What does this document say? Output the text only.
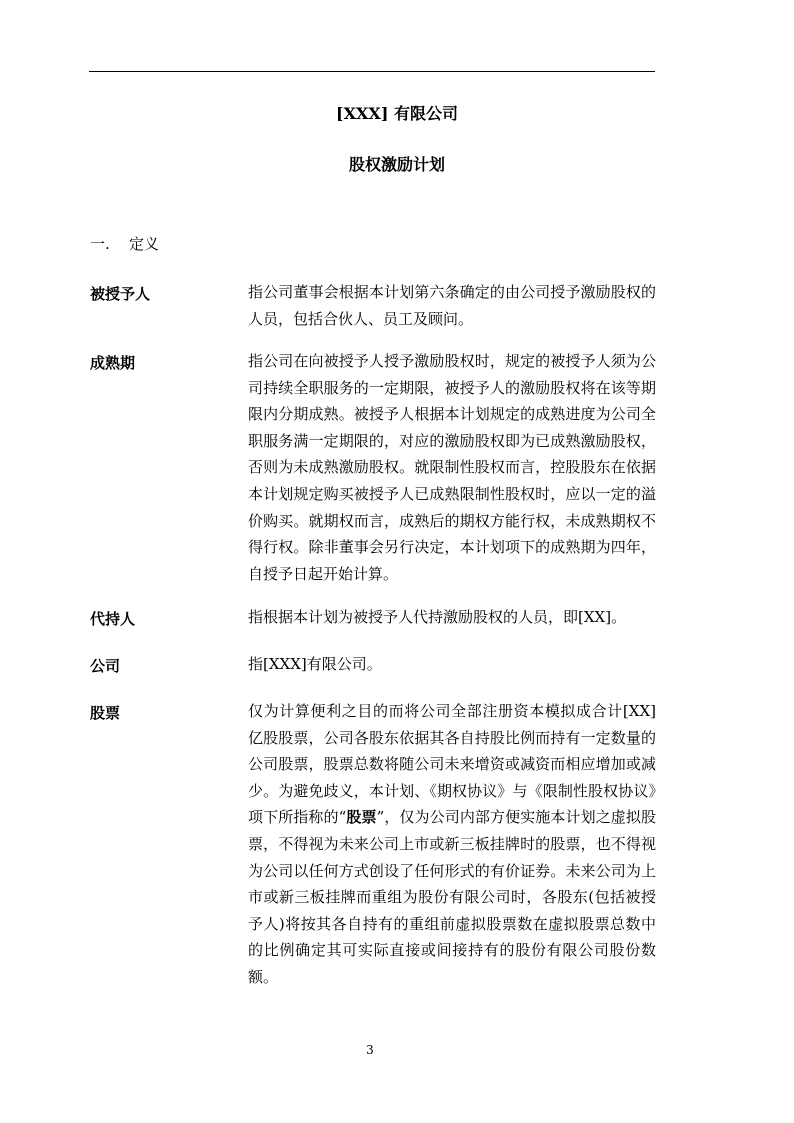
[XXX] 有限公司
股权激励计划
一. 定义
被授予人	指公司董事会根据本计划第六条确定的由公司授予激励股权的人员，包括合伙人、员工及顾问。
成熟期	指公司在向被授予人授予激励股权时，规定的被授予人须为公司持续全职服务的一定期限，被授予人的激励股权将在该等期限内分期成熟。被授予人根据本计划规定的成熟进度为公司全职服务满一定期限的，对应的激励股权即为已成熟激励股权，否则为未成熟激励股权。就限制性股权而言，控股股东在依据本计划规定购买被授予人已成熟限制性股权时，应以一定的溢价购买。就期权而言，成熟后的期权方能行权，未成熟期权不得行权。除非董事会另行决定，本计划项下的成熟期为四年，自授予日起开始计算。
代持人	指根据本计划为被授予人代持激励股权的人员，即[XX]。
公司	指[XXX]有限公司。
股票	仅为计算便利之目的而将公司全部注册资本模拟成合计[XX]亿股股票，公司各股东依据其各自持股比例而持有一定数量的公司股票，股票总数将随公司未来增资或减资而相应增加或减少。为避免歧义，本计划、《期权协议》与《限制性股权协议》项下所指称的“股票”，仅为公司内部方便实施本计划之虚拟股票，不得视为未来公司上市或新三板挂牌时的股票，也不得视为公司以任何方式创设了任何形式的有价证券。未来公司为上市或新三板挂牌而重组为股份有限公司时，各股东(包括被授予人)将按其各自持有的重组前虚拟股票数在虚拟股票总数中的比例确定其可实际直接或间接持有的股份有限公司股份数额。
3
